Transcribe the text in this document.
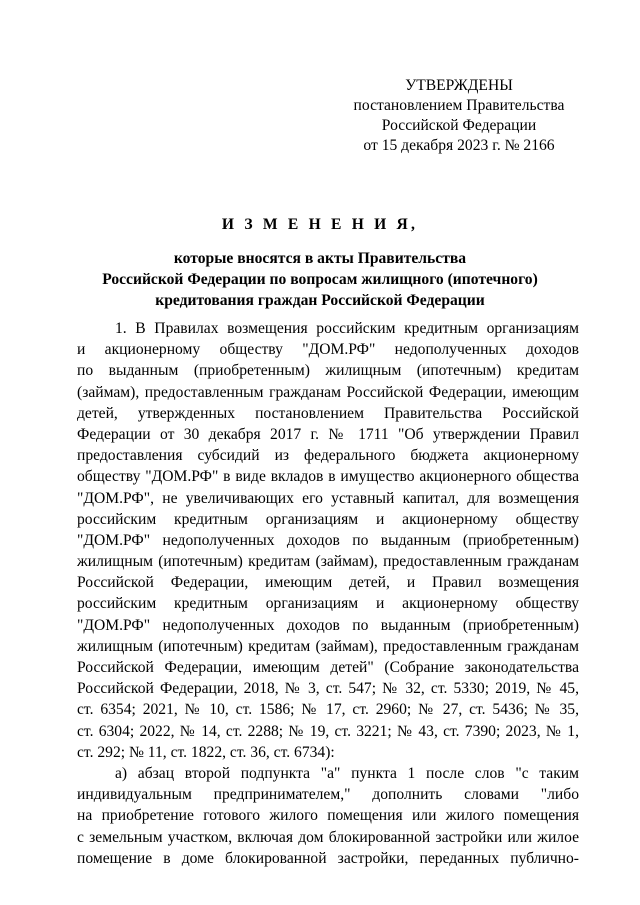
УТВЕРЖДЕНЫ
постановлением Правительства
Российской Федерации
от 15 декабря 2023 г. № 2166
И З М Е Н Е Н И Я,
которые вносятся в акты Правительства
Российской Федерации по вопросам жилищного (ипотечного)
кредитования граждан Российской Федерации
1. В Правилах возмещения российским кредитным организациям
и акционерному обществу "ДОМ.РФ" недополученных доходов
по выданным (приобретенным) жилищным (ипотечным) кредитам
(займам), предоставленным гражданам Российской Федерации, имеющим
детей, утвержденных постановлением Правительства Российской
Федерации от 30 декабря 2017 г. № 1711 "Об утверждении Правил
предоставления субсидий из федерального бюджета акционерному
обществу "ДОМ.РФ" в виде вкладов в имущество акционерного общества
"ДОМ.РФ", не увеличивающих его уставный капитал, для возмещения
российским кредитным организациям и акционерному обществу
"ДОМ.РФ" недополученных доходов по выданным (приобретенным)
жилищным (ипотечным) кредитам (займам), предоставленным гражданам
Российской Федерации, имеющим детей, и Правил возмещения
российским кредитным организациям и акционерному обществу
"ДОМ.РФ" недополученных доходов по выданным (приобретенным)
жилищным (ипотечным) кредитам (займам), предоставленным гражданам
Российской Федерации, имеющим детей" (Собрание законодательства
Российской Федерации, 2018, № 3, ст. 547; № 32, ст. 5330; 2019, № 45,
ст. 6354; 2021, № 10, ст. 1586; № 17, ст. 2960; № 27, ст. 5436; № 35,
ст. 6304; 2022, № 14, ст. 2288; № 19, ст. 3221; № 43, ст. 7390; 2023, № 1,
ст. 292; № 11, ст. 1822, ст. 36, ст. 6734):
а) абзац второй подпункта "а" пункта 1 после слов "с таким
индивидуальным предпринимателем," дополнить словами "либо
на приобретение готового жилого помещения или жилого помещения
с земельным участком, включая дом блокированной застройки или жилое
помещение в доме блокированной застройки, переданных публично-
